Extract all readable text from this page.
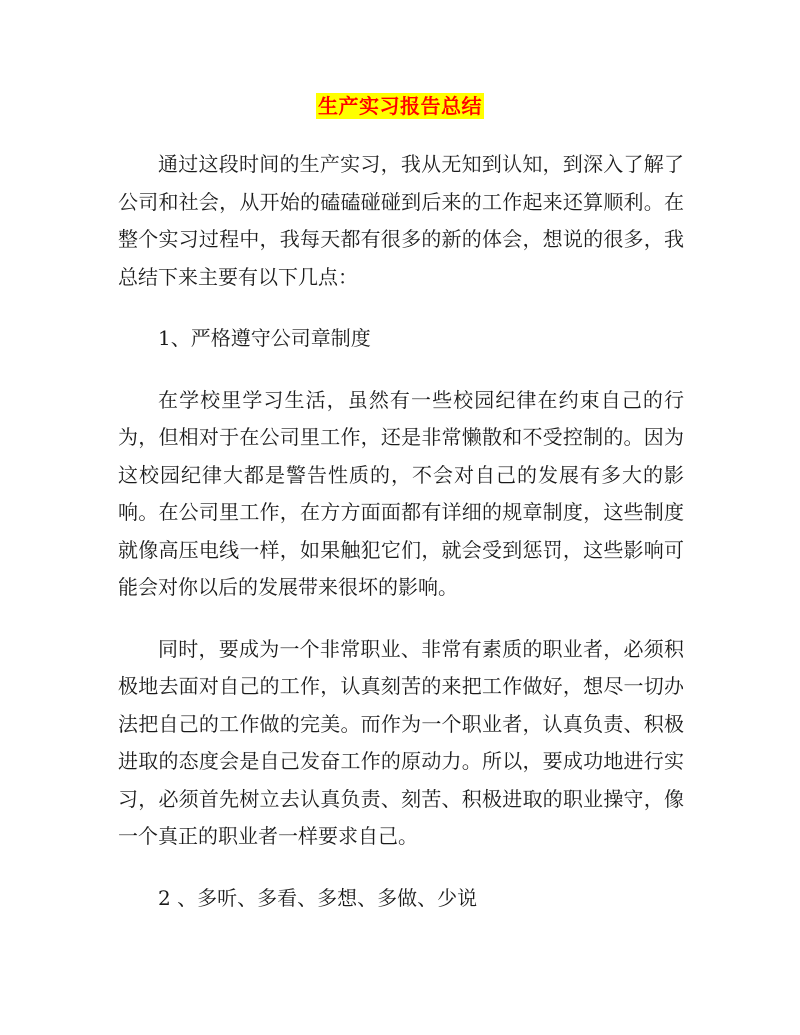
生产实习报告总结

通过这段时间的生产实习，我从无知到认知，到深入了解了公司和社会，从开始的磕磕碰碰到后来的工作起来还算顺利。在整个实习过程中，我每天都有很多的新的体会，想说的很多，我总结下来主要有以下几点：

1、严格遵守公司章制度

在学校里学习生活，虽然有一些校园纪律在约束自己的行为，但相对于在公司里工作，还是非常懒散和不受控制的。因为这校园纪律大都是警告性质的，不会对自己的发展有多大的影响。在公司里工作，在方方面面都有详细的规章制度，这些制度就像高压电线一样，如果触犯它们，就会受到惩罚，这些影响可能会对你以后的发展带来很坏的影响。

同时，要成为一个非常职业、非常有素质的职业者，必须积极地去面对自己的工作，认真刻苦的来把工作做好，想尽一切办法把自己的工作做的完美。而作为一个职业者，认真负责、积极进取的态度会是自己发奋工作的原动力。所以，要成功地进行实习，必须首先树立去认真负责、刻苦、积极进取的职业操守，像一个真正的职业者一样要求自己。

2 、多听、多看、多想、多做、少说
